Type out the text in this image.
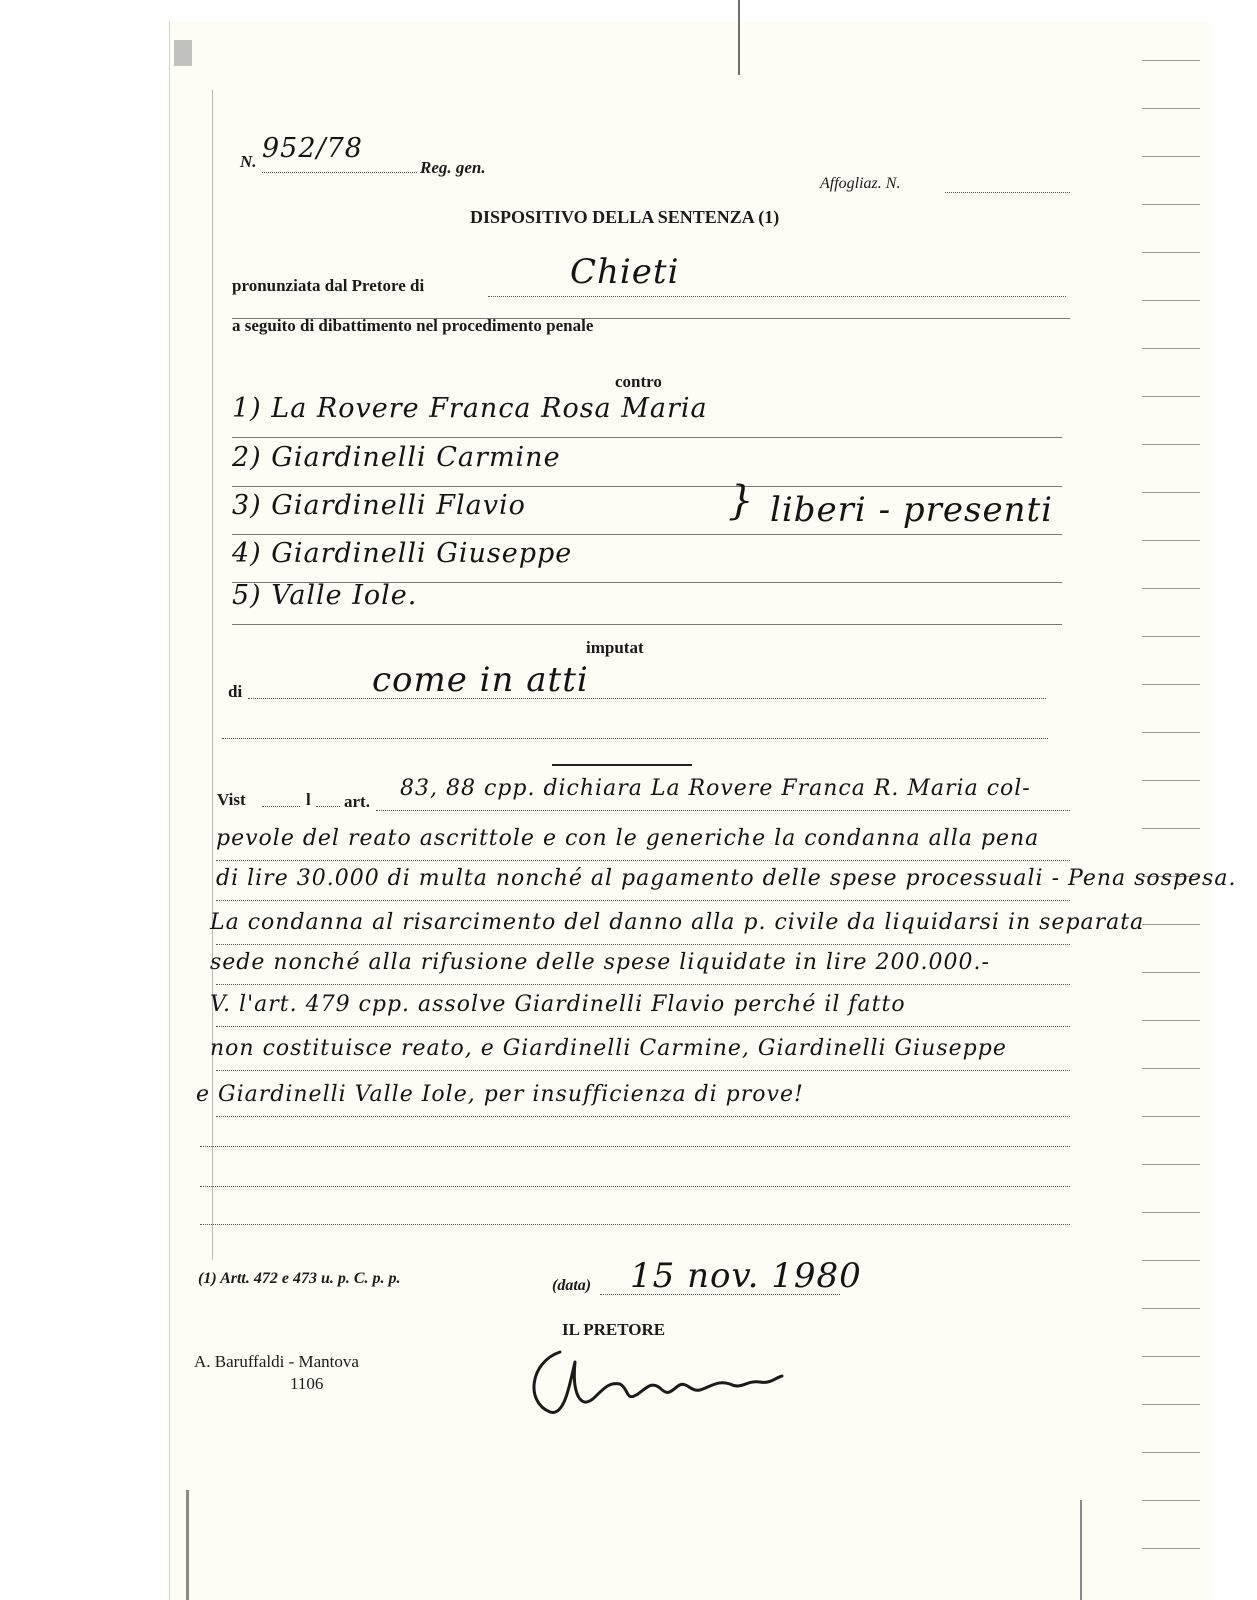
N. 952/78
Reg. gen.
Affogliaz. N.
DISPOSITIVO DELLA SENTENZA (1)
pronunziata dal Pretore di	Chieti
a seguito di dibattimento nel procedimento penale
contro
1) La Rovere Franca Rosa Maria
2) Giardinelli Carmine
3) Giardinelli Flavio
4) Giardinelli Giuseppe
5) Valle Iole.
} liberi - presenti
imputat
di	come in atti
Vist	l art.
83, 88 cpp. dichiara La Rovere Franca R. Maria col-
pevole del reato ascrittole e con le generiche la condanna alla pena
di lire 30.000 di multa nonché al pagamento delle spese processuali - Pena sospesa.
La condanna al risarcimento del danno alla p. civile da liquidarsi in separata
sede nonché alla rifusione delle spese liquidate in lire 200.000.-
V. l'art. 479 cpp. assolve Giardinelli Flavio perché il fatto
non costituisce reato, e Giardinelli Carmine, Giardinelli Giuseppe
e Giardinelli Valle Iole, per insufficienza di prove!
(1) Artt. 472 e 473 u. p. C. p. p.	(data) 15 nov. 1980
IL PRETORE
A. Baruffaldi - Mantova
1106
